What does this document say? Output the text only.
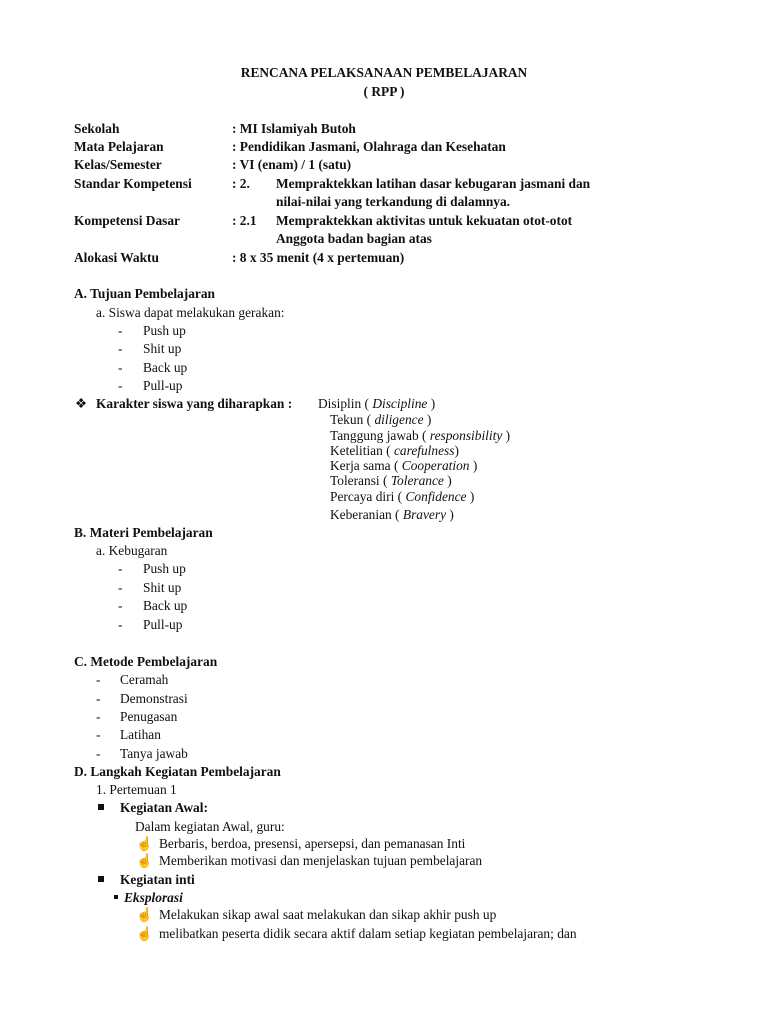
RENCANA PELAKSANAAN PEMBELAJARAN
( RPP )
Sekolah	: MI Islamiyah Butoh
Mata Pelajaran	: Pendidikan Jasmani, Olahraga dan Kesehatan
Kelas/Semester	: VI (enam) / 1 (satu)
Standar Kompetensi	: 2. Mempraktekkan latihan dasar kebugaran jasmani dan
nilai-nilai yang terkandung di dalamnya.
Kompetensi Dasar	: 2.1 Mempraktekkan aktivitas untuk kekuatan otot-otot
Anggota badan bagian atas
Alokasi Waktu	: 8 x 35 menit (4 x pertemuan)
A. Tujuan Pembelajaran
a. Siswa dapat melakukan gerakan:
- Push up
- Shit up
- Back up
- Pull-up
❖ Karakter siswa yang diharapkan : Disiplin ( Discipline )
Tekun ( diligence )
Tanggung jawab ( responsibility )
Ketelitian ( carefulness)
Kerja sama ( Cooperation )
Toleransi ( Tolerance )
Percaya diri ( Confidence )
Keberanian ( Bravery )
B. Materi Pembelajaran
a. Kebugaran
- Push up
- Shit up
- Back up
- Pull-up
C. Metode Pembelajaran
- Ceramah
- Demonstrasi
- Penugasan
- Latihan
- Tanya jawab
D. Langkah Kegiatan Pembelajaran
1. Pertemuan 1
Kegiatan Awal:
Dalam kegiatan Awal, guru:
☝ Berbaris, berdoa, presensi, apersepsi, dan pemanasan Inti
☝ Memberikan motivasi dan menjelaskan tujuan pembelajaran
Kegiatan inti
Eksplorasi
☝ Melakukan sikap awal saat melakukan dan sikap akhir push up
☝ melibatkan peserta didik secara aktif dalam setiap kegiatan pembelajaran; dan
